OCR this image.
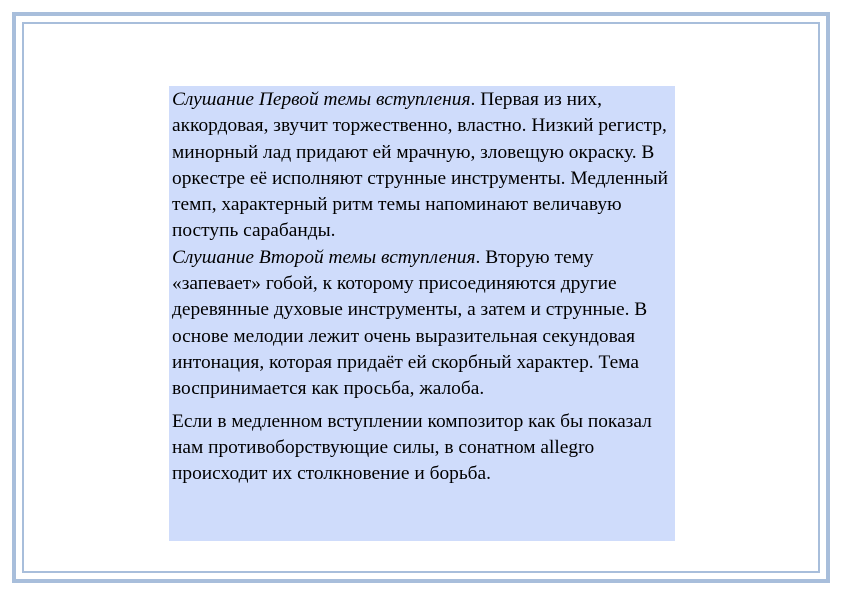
Слушание Первой темы вступления. Первая из них, аккордовая, звучит торжественно, властно. Низкий регистр, минорный лад придают ей мрачную, зловещую окраску. В оркестре её исполняют струнные инструменты. Медленный темп, характерный ритм темы напоминают величавую поступь сарабанды.

Слушание Второй темы вступления. Вторую тему «запевает» гобой, к которому присоединяются другие деревянные духовые инструменты, а затем и струнные. В основе мелодии лежит очень выразительная секундовая интонация, которая придаёт ей скорбный характер. Тема воспринимается как просьба, жалоба.

Если в медленном вступлении композитор как бы показал нам противоборствующие силы, в сонатном allegro происходит их столкновение и борьба.
